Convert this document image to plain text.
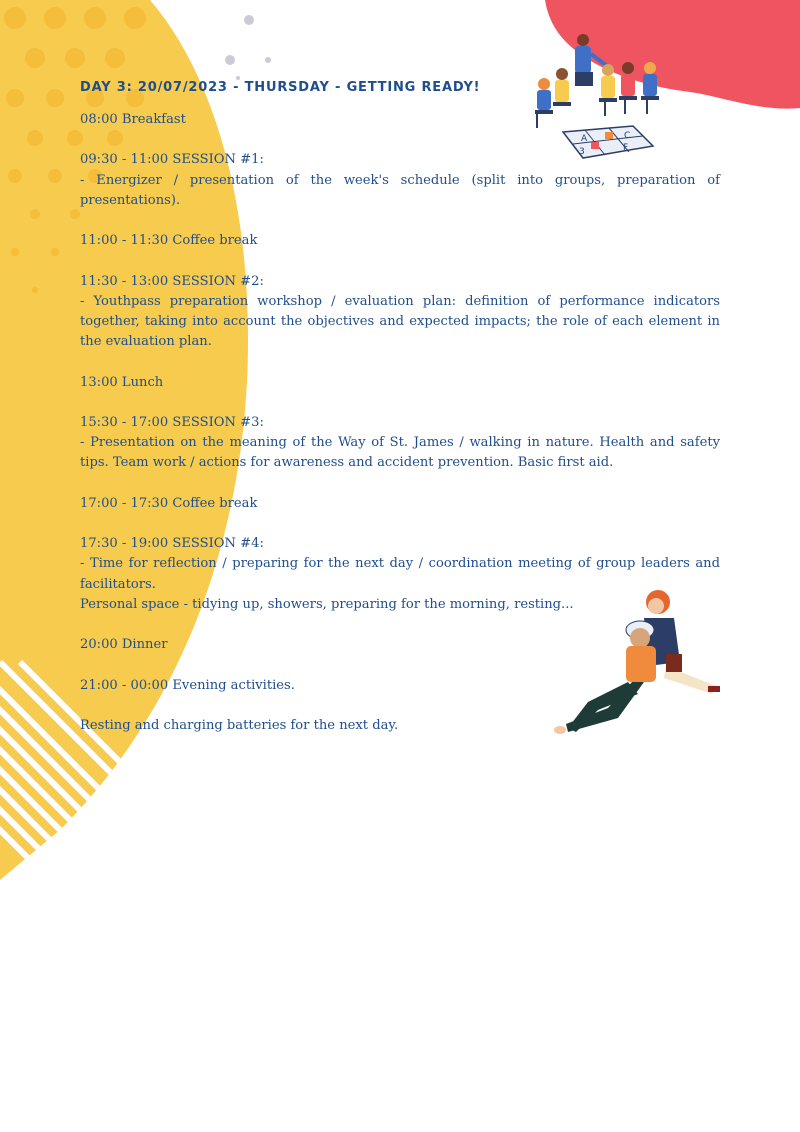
A	C
3	F
DAY 3: 20/07/2023 - THURSDAY - GETTING READY!

08:00 Breakfast

09:30 - 11:00 SESSION #1:

- Energizer / presentation of the week's schedule (split into groups, preparation of presentations).

11:00 - 11:30 Coffee break

11:30 - 13:00 SESSION #2:

- Youthpass preparation workshop / evaluation plan: definition of performance indicators together, taking into account the objectives and expected impacts; the role of each element in the evaluation plan.

13:00 Lunch

15:30 - 17:00 SESSION #3:

- Presentation on the meaning of the Way of St. James / walking in nature. Health and safety tips. Team work / actions for awareness and accident prevention. Basic first aid.

17:00 - 17:30 Coffee break

17:30 - 19:00 SESSION #4:

- Time for reflection / preparing for the next day / coordination meeting of group leaders and facilitators.

Personal space - tidying up, showers, preparing for the morning, resting...

20:00 Dinner

21:00 - 00:00 Evening activities.

Resting and charging batteries for the next day.
